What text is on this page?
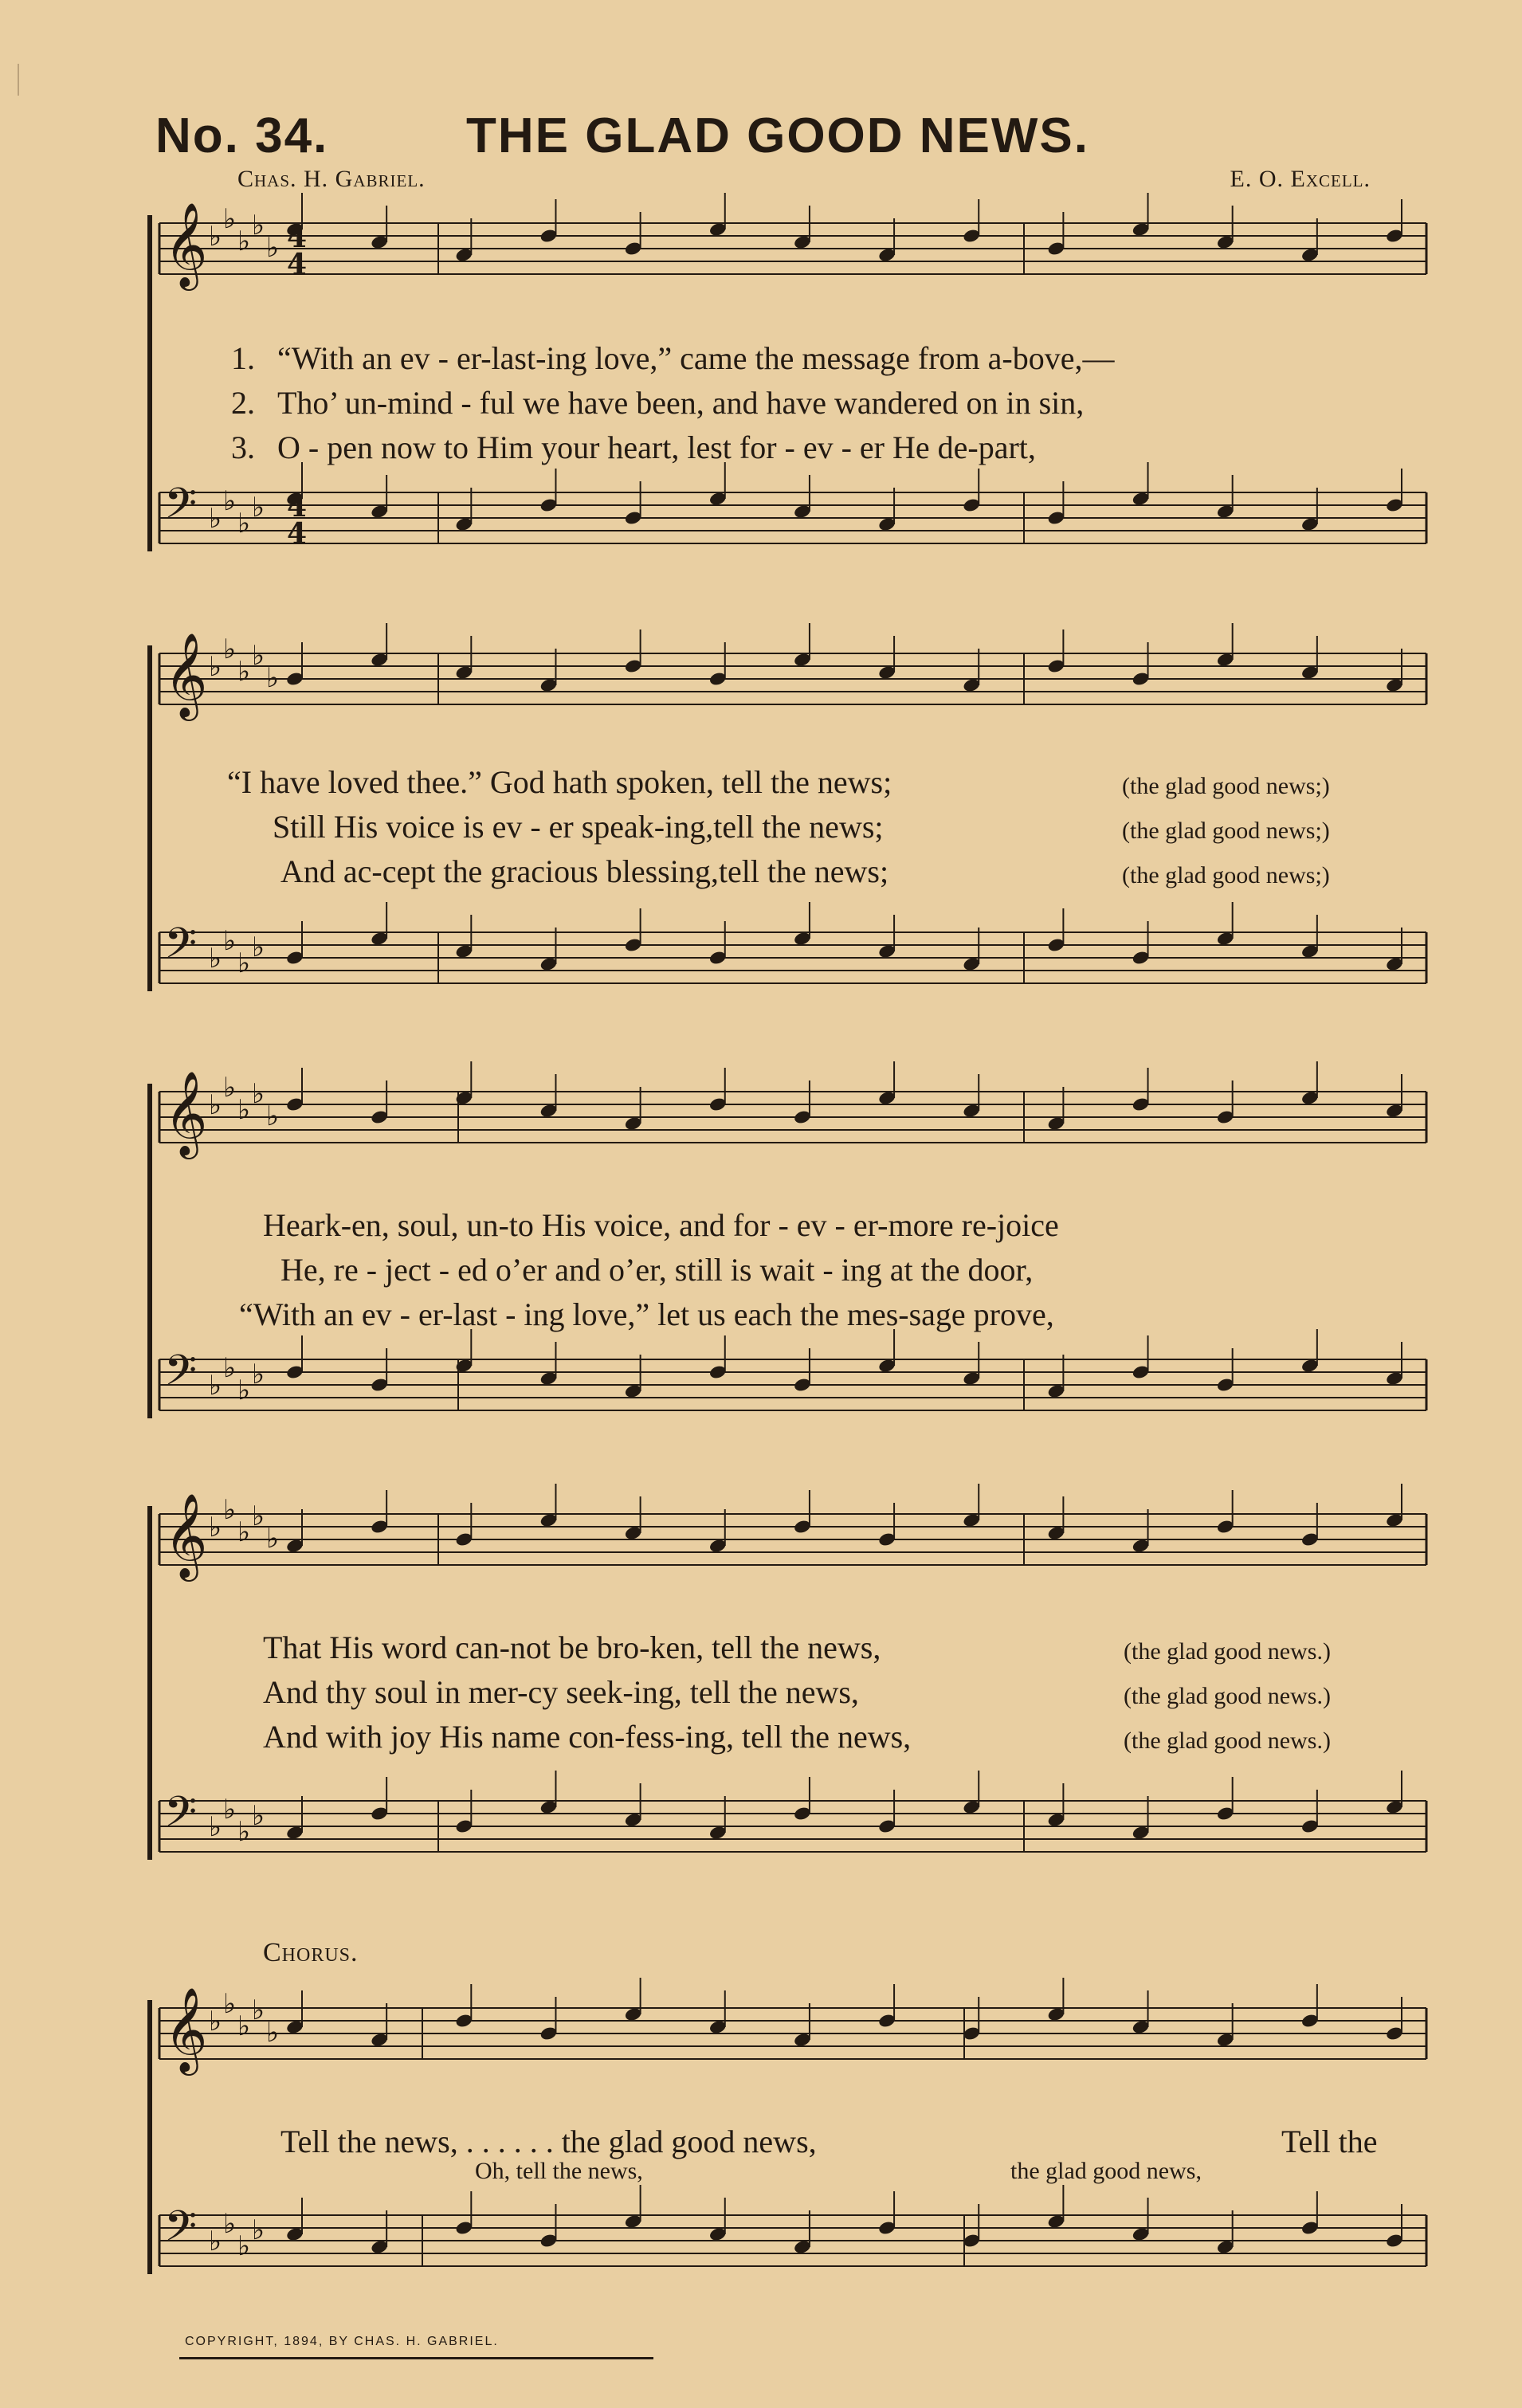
No. 34.	THE GLAD GOOD NEWS.
Chas. H. Gabriel.	E. O. Excell.
𝄞 ♭
♭
♭ ♭
♭
𝄢 ♭
♭
♭ ♭
𝄞 ♭
♭
♭ ♭
♭
𝄢 ♭
♭
♭ ♭
𝄞 ♭
♭
♭ ♭
♭
𝄢 ♭
♭
♭ ♭
𝄞 ♭
♭
♭ ♭
♭
𝄢 ♭
♭
♭ ♭
𝄞 ♭
♭
♭ ♭
♭
𝄢 ♭
♭
♭ ♭
4
4
4
4
1. “With an ev - er-last-ing love,” came the message from a-bove,—
2. Tho’ un-mind - ful we have been, and have wandered on in sin,
3. O - pen now to Him your heart, lest for - ev - er He de-part,
“I have loved thee.” God hath spoken, tell the news;	(the glad good news;)
Still His voice is ev - er speak-ing,tell the news;	(the glad good news;)
And ac-cept the gracious blessing,tell the news;	(the glad good news;)
Heark-en, soul, un-to His voice, and for - ev - er-more re-joice
He, re - ject - ed o’er and o’er, still is wait - ing at the door,
“With an ev - er-last - ing love,” let us each the mes-sage prove,
That His word can-not be bro-ken, tell the news,	(the glad good news.)
And thy soul in mer-cy seek-ing, tell the news,	(the glad good news.)
And with joy His name con-fess-ing, tell the news,	(the glad good news.)
Chorus.
Tell the news, . . . . . . the glad good news,	Tell the
Oh, tell the news,	the glad good news,
COPYRIGHT, 1894, BY CHAS. H. GABRIEL.
